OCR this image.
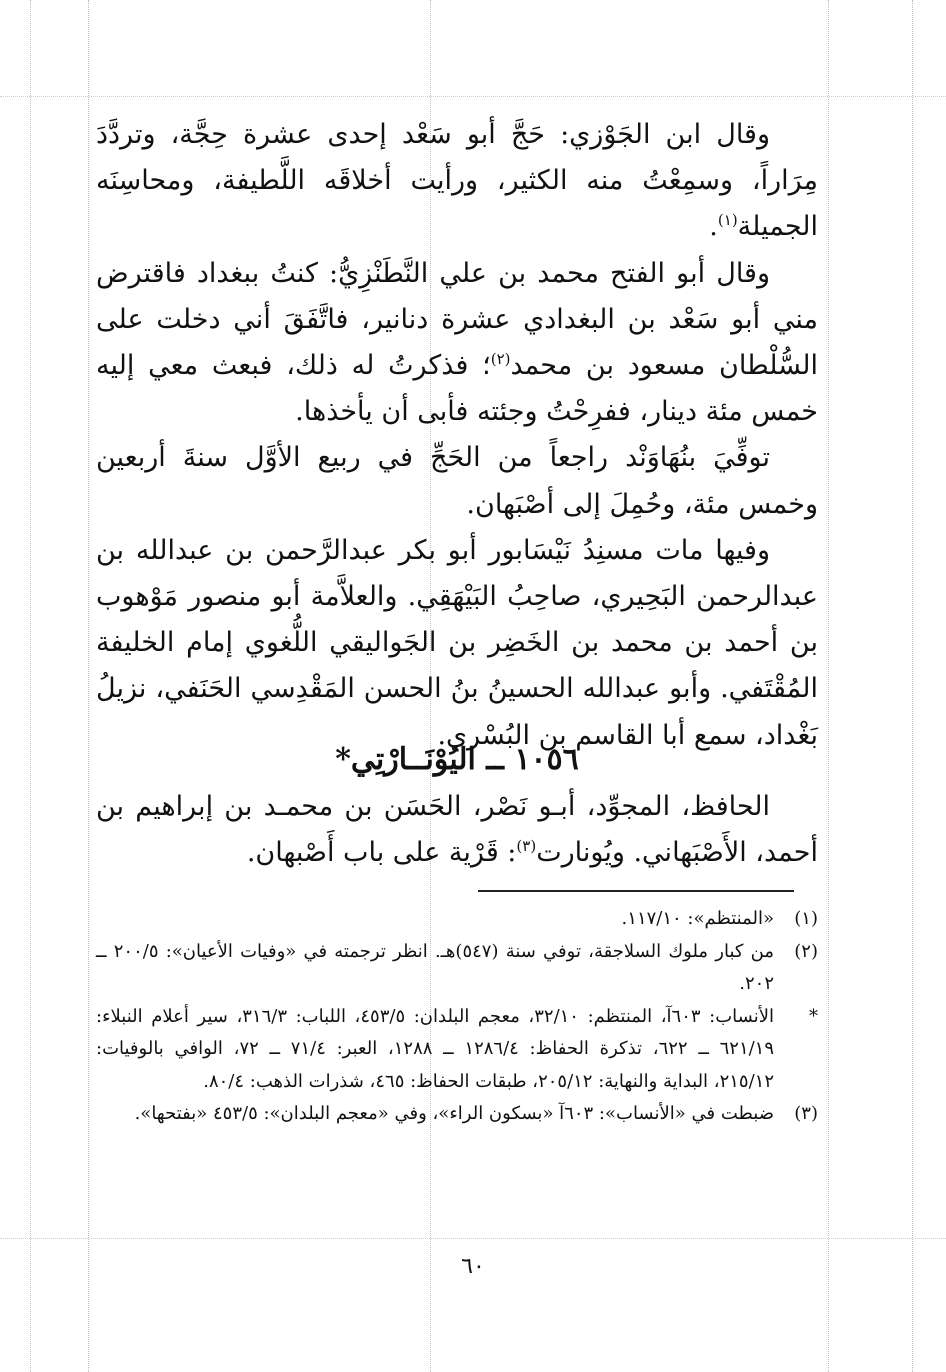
وقال ابن الجَوْزي: حَجَّ أبو سَعْد إحدى عشرة حِجَّة، وتردَّدَ مِرَاراً، وسمِعْتُ منه الكثير، ورأيت أخلاقَه اللَّطيفة، ومحاسِنَه الجميلة$^{(١)}$.

وقال أبو الفتح محمد بن علي النَّطَنْزِيُّ: كنتُ ببغداد فاقترض مني أبو سَعْد بن البغدادي عشرة دنانير، فاتَّفَقَ أني دخلت على السُّلْطان مسعود بن محمد$^{(٢)}$؛ فذكرتُ له ذلك، فبعث معي إليه خمس مئة دينار، ففرِحْتُ وجئته فأبى أن يأخذها.

توفِّيَ بنُهَاوَنْد راجعاً من الحَجِّ في ربيع الأوَّل سنةَ أربعين وخمس مئة، وحُمِلَ إلى أصْبَهان.

وفيها مات مسنِدُ نَيْسَابور أبو بكر عبدالرَّحمن بن عبدالله بن عبدالرحمن البَحِيري، صاحِبُ البَيْهَقِي. والعلاَّمة أبو منصور مَوْهوب بن أحمد بن محمد بن الخَضِر بن الجَواليقي اللُّغوي إمام الخليفة المُقْتَفي. وأبو عبدالله الحسينُ بنُ الحسن المَقْدِسي الحَنَفي، نزيلُ بَغْداد، سمع أبا القاسم بن البُسْري.

١٠٥٦ ــ اليُوْنَــارْتِي*

الحافظ، المجوِّد، أبـو نَصْر، الحَسَن بن محمـد بن إبراهيم بن أحمد، الأَصْبَهاني. ويُونارت$^{(٣)}$: قَرْية على باب أَصْبهان.

(١)
«المنتظم»: ١١٧/١٠.
(٢)
من كبار ملوك السلاجقة، توفي سنة (٥٤٧)هـ. انظر ترجمته في «وفيات الأعيان»: ٢٠٠/٥ ــ ٢٠٢.
*
الأنساب: ٦٠٣آ، المنتظم: ٣٢/١٠، معجم البلدان: ٤٥٣/٥، اللباب: ٣١٦/٣، سير أعلام النبلاء: ٦٢١/١٩ ــ ٦٢٢، تذكرة الحفاظ: ١٢٨٦/٤ ــ ١٢٨٨، العبر: ٧١/٤ ــ ٧٢، الوافي بالوفيات: ٢١٥/١٢، البداية والنهاية: ٢٠٥/١٢، طبقات الحفاظ: ٤٦٥، شذرات الذهب: ٨٠/٤.
(٣)
ضبطت في «الأنساب»: ٦٠٣آ «بسكون الراء»، وفي «معجم البلدان»: ٤٥٣/٥ «بفتحها».
٦٠
